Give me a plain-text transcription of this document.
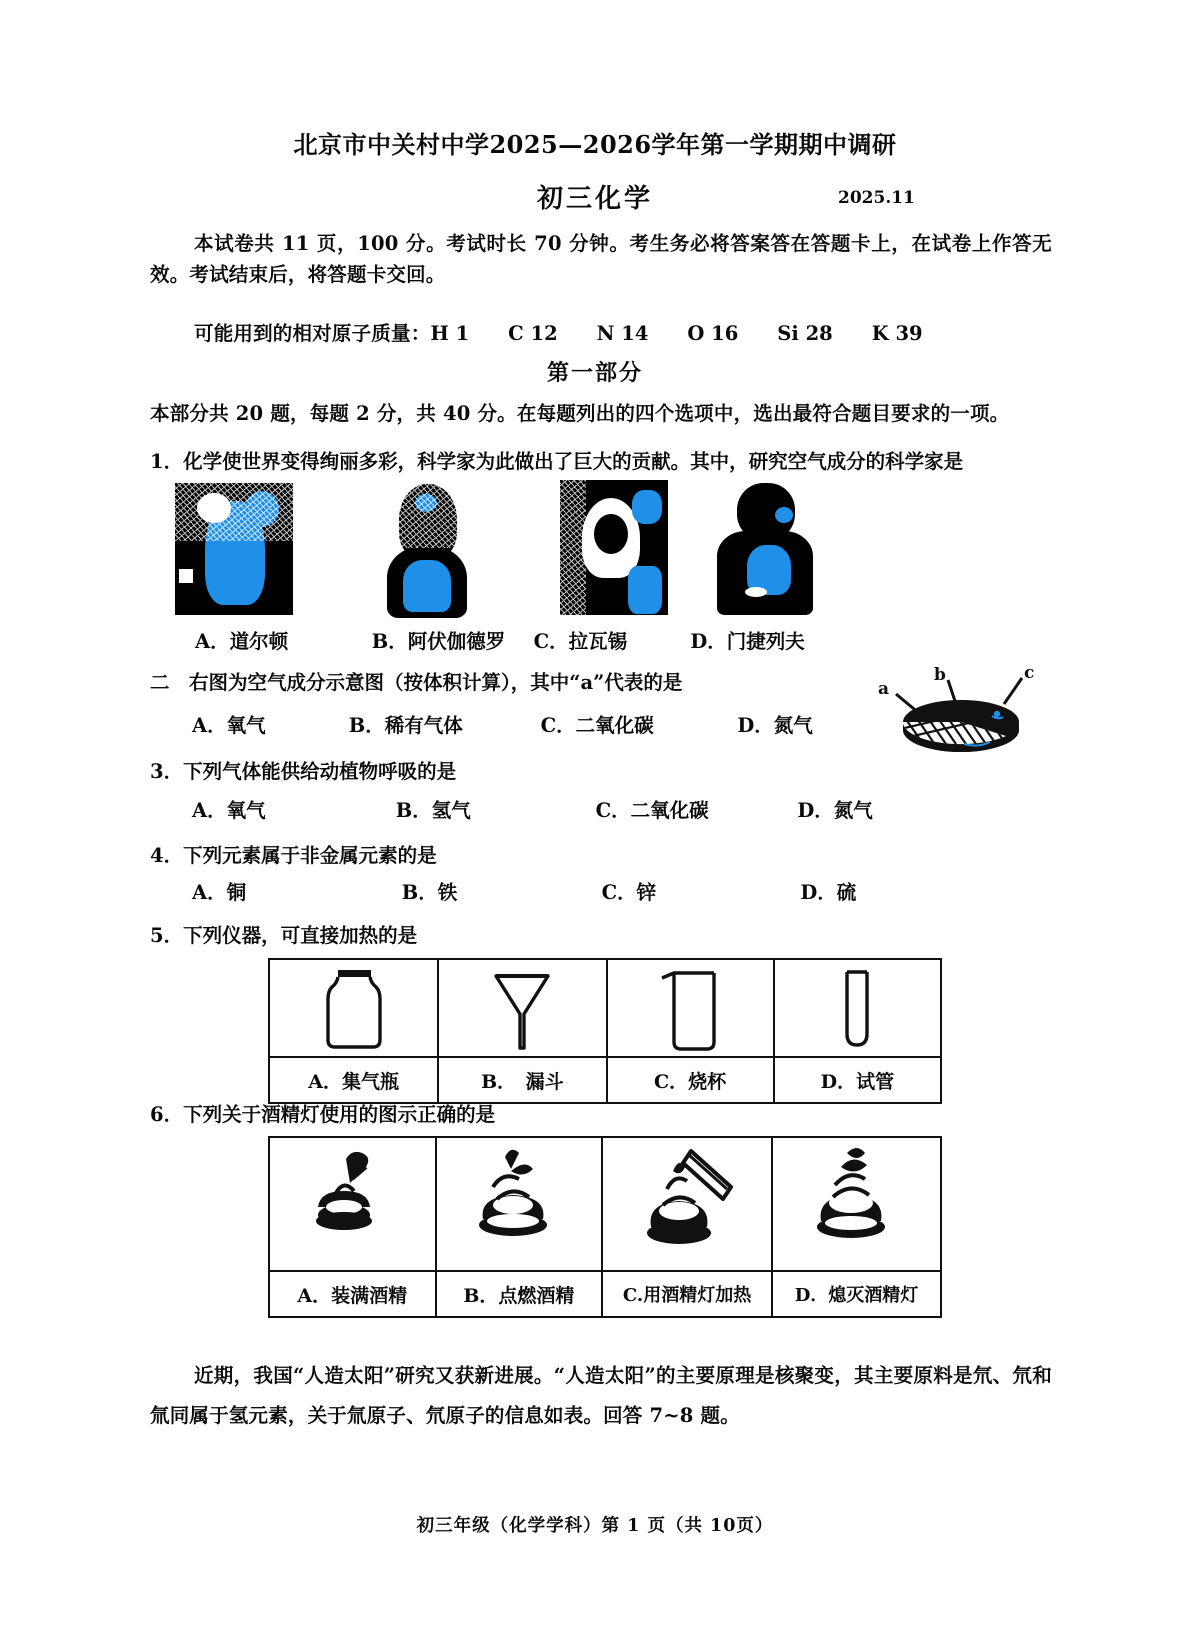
北京市中关村中学2025—2026学年第一学期期中调研
初三化学	2025.11
本试卷共 11 页，100 分。考试时长 70 分钟。考生务必将答案答在答题卡上，在试卷上作答无效。考试结束后，将答题卡交回。
可能用到的相对原子质量：H 1　　C 12　　N 14　　O 16　　Si 28　　K 39
第一部分
本部分共 20 题，每题 2 分，共 40 分。在每题列出的四个选项中，选出最符合题目要求的一项。
1．化学使世界变得绚丽多彩，科学家为此做出了巨大的贡献。其中，研究空气成分的科学家是
A．道尔顿	B．阿伏伽德罗 C．拉瓦锡	D．门捷列夫
二　右图为空气成分示意图（按体积计算），其中“a”代表的是	a
b	c
A．氧气	B．稀有气体	C．二氧化碳	D．氮气
3．下列气体能供给动植物呼吸的是
A．氧气	B．氢气	C．二氧化碳	D．氮气
4．下列元素属于非金属元素的是
A．铜	B．铁	C．锌	D．硫
5．下列仪器，可直接加热的是

A．集气瓶	B．　漏斗	C．烧杯	D．试管
6．下列关于酒精灯使用的图示正确的是

A．装满酒精	B．点燃酒精	C.用酒精灯加热	D．熄灭酒精灯
近期，我国“人造太阳”研究又获新进展。“人造太阳”的主要原理是核聚变，其主要原料是氘、氘和氚同属于氢元素，关于氚原子、氘原子的信息如表。回答 7~8 题。
初三年级（化学学科）第 1 页（共 10页）
